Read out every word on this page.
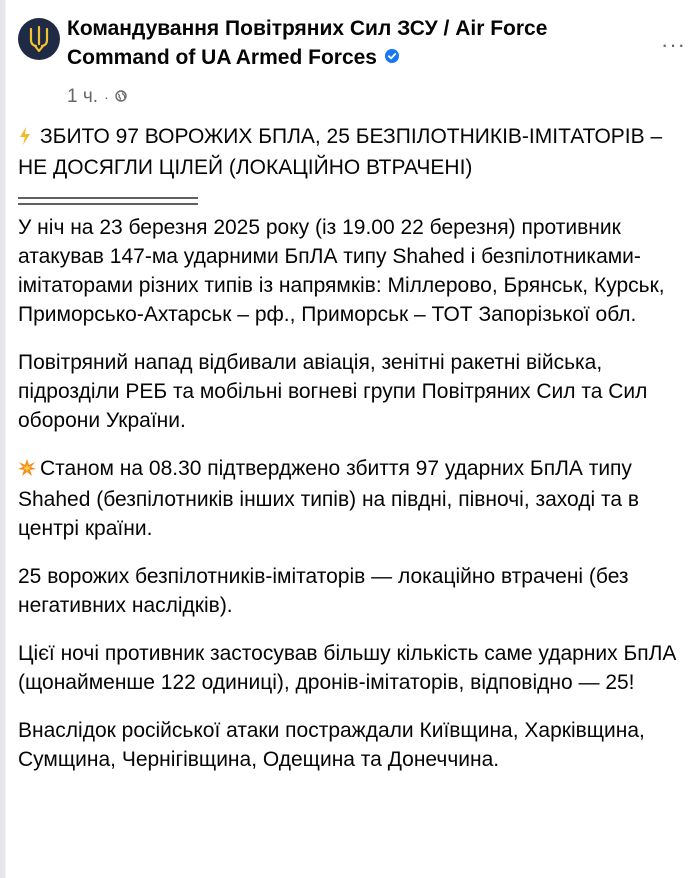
Командування Повітряних Сил ЗСУ / Air Force Command of UA Armed Forces
1 ч. ·
···

ЗБИТО 97 ВОРОЖИХ БПЛА, 25 БЕЗПІЛОТНИКІВ-ІМІТАТОРІВ – НЕ ДОСЯГЛИ ЦІЛЕЙ (ЛОКАЦІЙНО ВТРАЧЕНІ)

У ніч на 23 березня 2025 року (із 19.00 22 березня) противник атакував 147-ма ударними БпЛА типу Shahed і безпілотниками-імітаторами різних типів із напрямків: Міллерово, Брянськ, Курськ, Приморсько-Ахтарськ – рф., Приморськ – ТОТ Запорізької обл.

Повітряний напад відбивали авіація, зенітні ракетні війська, підрозділи РЕБ та мобільні вогневі групи Повітряних Сил та Сил оборони України.

Станом на 08.30 підтверджено збиття 97 ударних БпЛА типу Shahed (безпілотників інших типів) на півдні, півночі, заході та в центрі країни.

25 ворожих безпілотників-імітаторів — локаційно втрачені (без негативних наслідків).

Цієї ночі противник застосував більшу кількість саме ударних БпЛА (щонайменше 122 одиниці), дронів-імітаторів, відповідно — 25!

Внаслідок російської атаки постраждали Київщина, Харківщина, Сумщина, Чернігівщина, Одещина та Донеччина.
